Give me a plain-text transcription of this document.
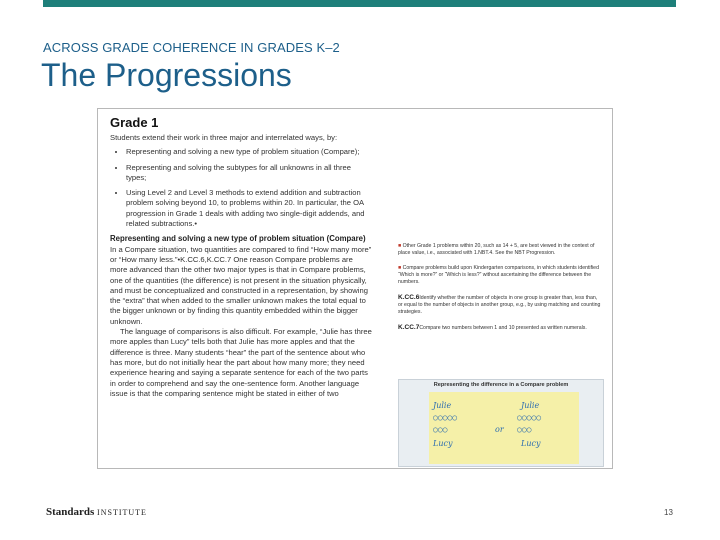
ACROSS GRADE COHERENCE IN GRADES K–2
The Progressions
Grade 1

Students extend their work in three major and interrelated ways, by:

• Representing and solving a new type of problem situation (Compare);
• Representing and solving the subtypes for all unknowns in all three types;
• Using Level 2 and Level 3 methods to extend addition and subtraction problem solving beyond 10, to problems within 20. In particular, the OA progression in Grade 1 deals with adding two single-digit addends, and related subtractions.•

Representing and solving a new type of problem situation (Compare)

In a Compare situation, two quantities are compared to find “How many more” or “How many less.”•K.CC.6,K.CC.7 One reason Compare problems are more advanced than the other two major types is that in Compare problems, one of the quantities (the difference) is not present in the situation physically, and must be conceptualized and constructed in a representation, by showing the “extra” that when added to the smaller unknown makes the total equal to the bigger unknown or by finding this quantity embedded within the bigger unknown.

The language of comparisons is also difficult. For example, “Julie has three more apples than Lucy” tells both that Julie has more apples and that the difference is three. Many students “hear” the part of the sentence about who has more, but do not initially hear the part about how many more; they need experience hearing and saying a separate sentence for each of the two parts in order to comprehend and say the one-sentence form. Another language issue is that the comparing sentence might be stated in either of two

■ Other Grade 1 problems within 20, such as 14 + 5, are best viewed in the context of place value, i.e., associated with 1.NBT.4. See the NBT Progression.

■ Compare problems build upon Kindergarten comparisons, in which students identified “Which is more?” or “Which is less?” without ascertaining the difference between the numbers.

K.CC.6Identify whether the number of objects in one group is greater than, less than, or equal to the number of objects in another group, e.g., by using matching and counting strategies.

K.CC.7Compare two numbers between 1 and 10 presented as written numerals.

Representing the difference in a Compare problem
Julie
○○○○○
○○○
Lucy
or
Julie
○○○○○
○○○
Lucy
Standards INSTITUTE	13
